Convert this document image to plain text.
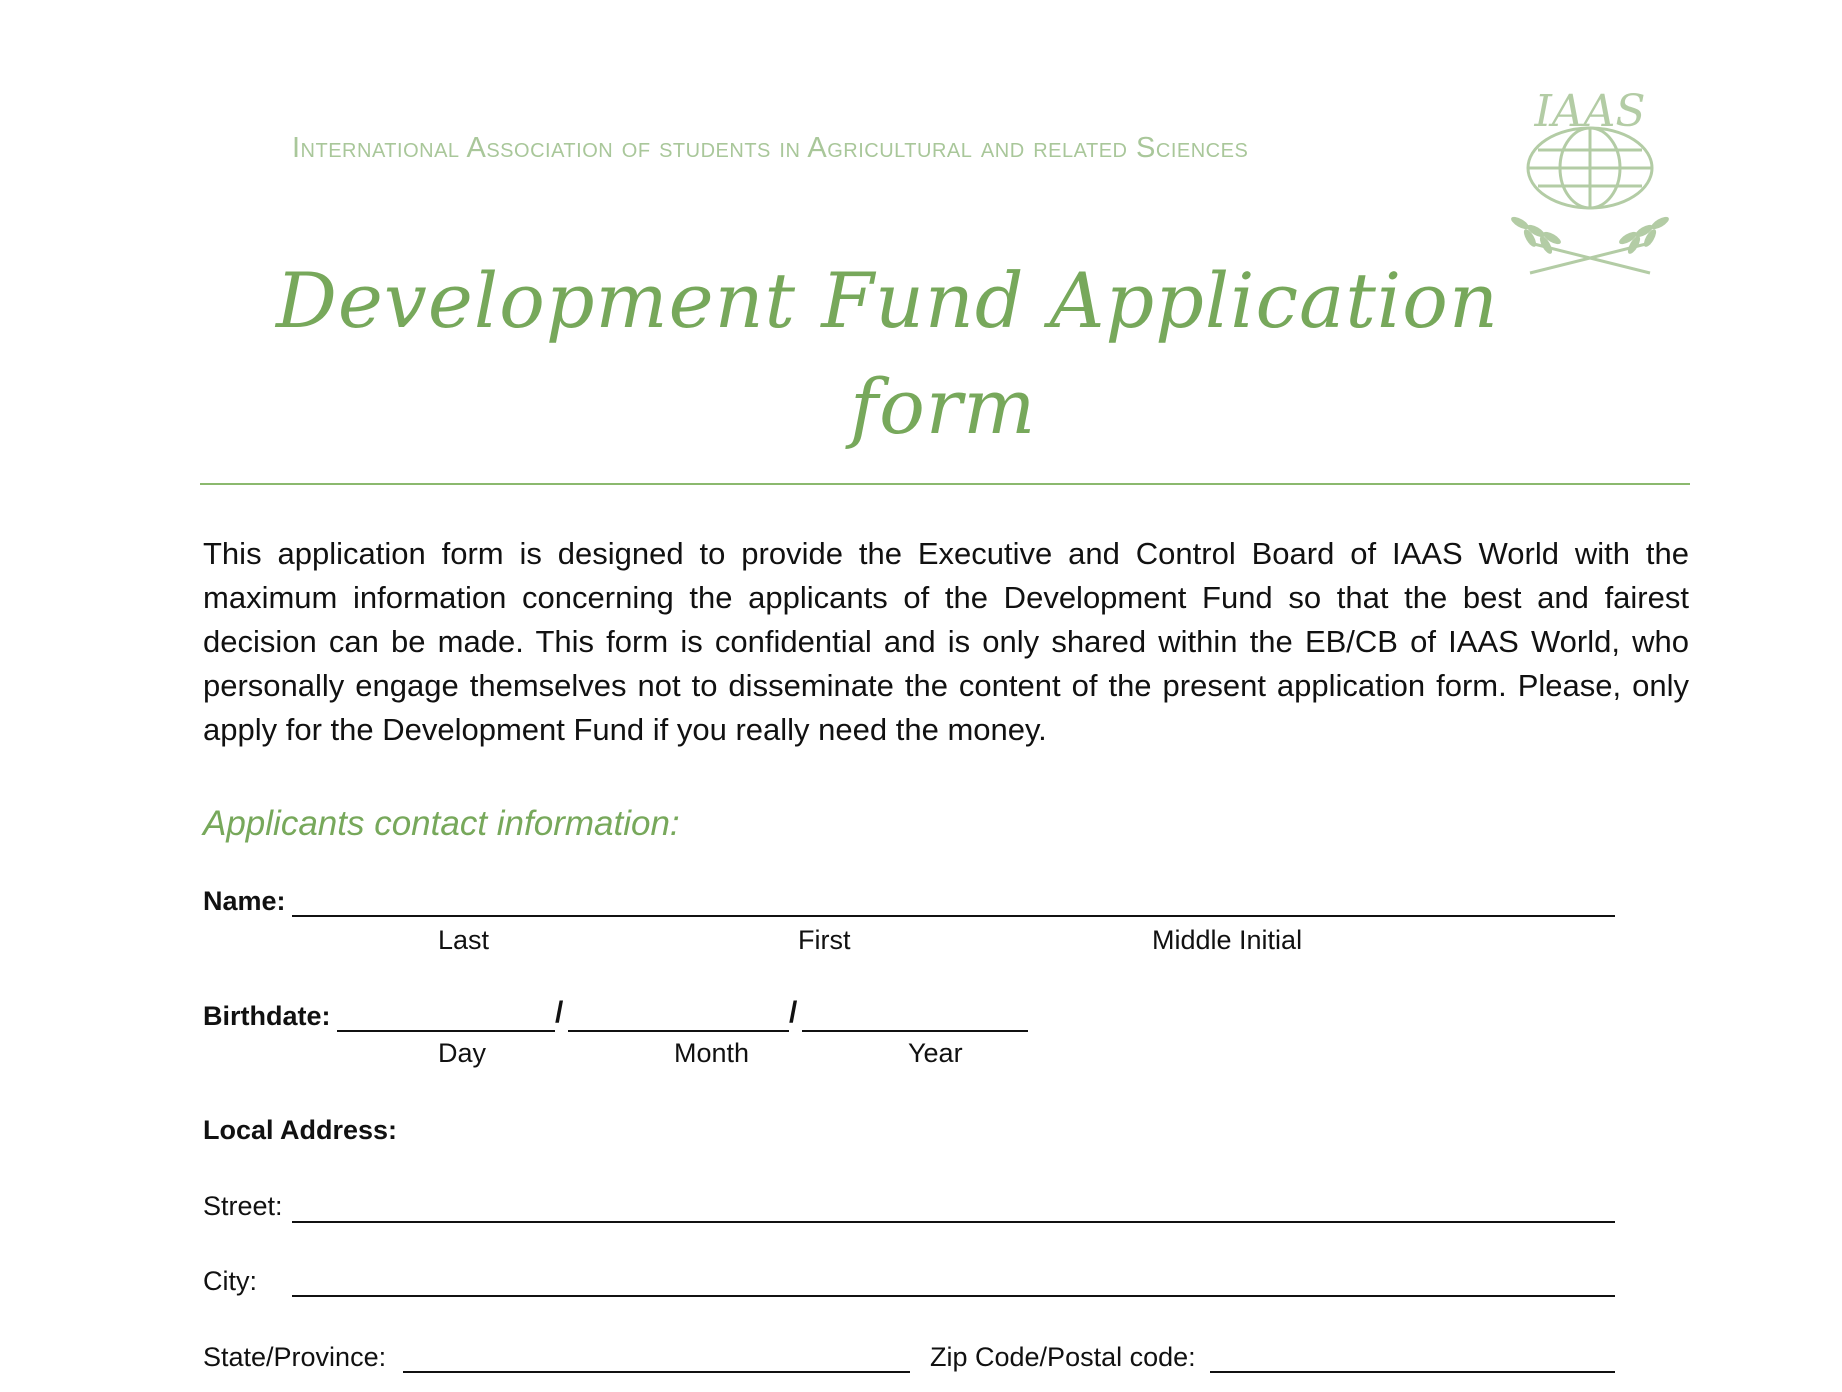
International Association of students in Agricultural and related Sciences
IAAS
Development Fund Application
form
This application form is designed to provide the Executive and Control Board of IAAS World with the maximum information concerning the applicants of the Development Fund so that the best and fairest decision can be made. This form is confidential and is only shared within the EB/CB of IAAS World, who personally engage themselves not to disseminate the content of the present application form. Please, only apply for the Development Fund if you really need the money.
Applicants contact information:
Name:
Last	First	Middle Initial
Birthdate:	/	/
Day	Month	Year
Local Address:
Street:
City:
State/Province:	Zip Code/Postal code:
